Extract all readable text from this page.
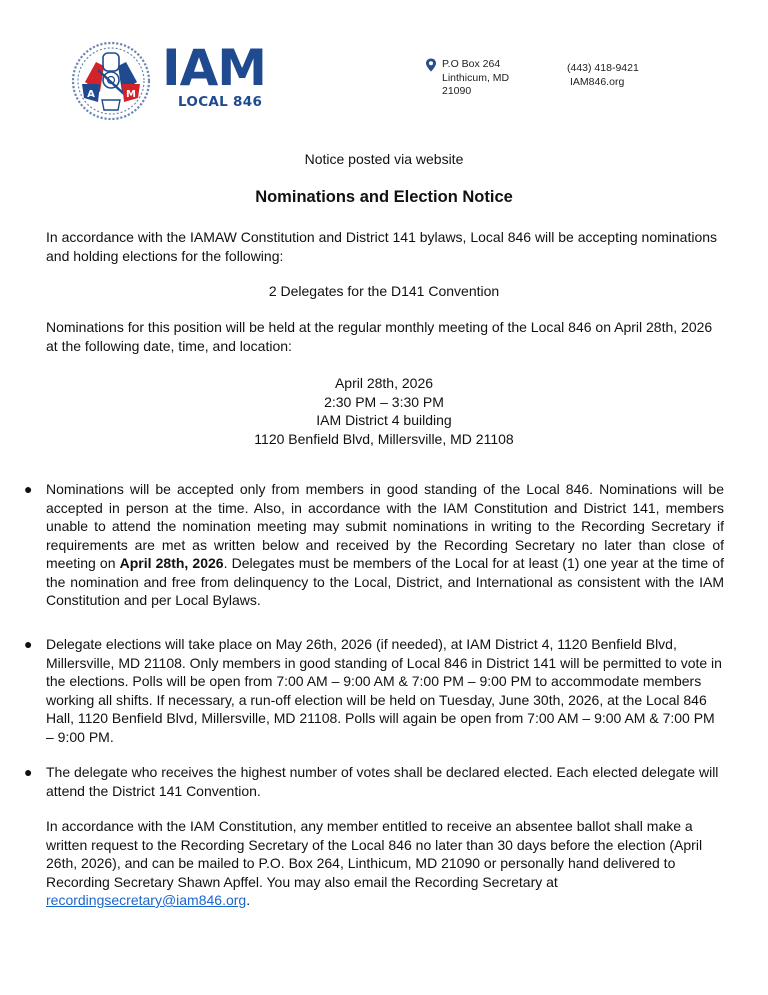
A	M IAM
LOCAL 846
P.O Box 264
Linthicum, MD
21090
(443) 418-9421
IAM846.org
Notice posted via website
Nominations and Election Notice
In accordance with the IAMAW Constitution and District 141 bylaws, Local 846 will be accepting nominations and holding elections for the following:
2 Delegates for the D141 Convention
Nominations for this position will be held at the regular monthly meeting of the Local 846 on April 28th, 2026 at the following date, time, and location:
April 28th, 2026
2:30 PM – 3:30 PM
IAM District 4 building
1120 Benfield Blvd, Millersville, MD 21108
● Nominations will be accepted only from members in good standing of the Local 846. Nominations will be accepted in person at the time. Also, in accordance with the IAM Constitution and District 141, members unable to attend the nomination meeting may submit nominations in writing to the Recording Secretary if requirements are met as written below and received by the Recording Secretary no later than close of meeting on April 28th, 2026. Delegates must be members of the Local for at least (1) one year at the time of the nomination and free from delinquency to the Local, District, and International as consistent with the IAM Constitution and per Local Bylaws.
● Delegate elections will take place on May 26th, 2026 (if needed), at IAM District 4, 1120 Benfield Blvd, Millersville, MD 21108. Only members in good standing of Local 846 in District 141 will be permitted to vote in the elections. Polls will be open from 7:00 AM – 9:00 AM & 7:00 PM – 9:00 PM to accommodate members working all shifts. If necessary, a run-off election will be held on Tuesday, June 30th, 2026, at the Local 846 Hall, 1120 Benfield Blvd, Millersville, MD 21108. Polls will again be open from 7:00 AM – 9:00 AM & 7:00 PM – 9:00 PM.
● The delegate who receives the highest number of votes shall be declared elected. Each elected delegate will attend the District 141 Convention.
In accordance with the IAM Constitution, any member entitled to receive an absentee ballot shall make a written request to the Recording Secretary of the Local 846 no later than 30 days before the election (April 26th, 2026), and can be mailed to P.O. Box 264, Linthicum, MD 21090 or personally hand delivered to Recording Secretary Shawn Apffel. You may also email the Recording Secretary at recordingsecretary@iam846.org.
